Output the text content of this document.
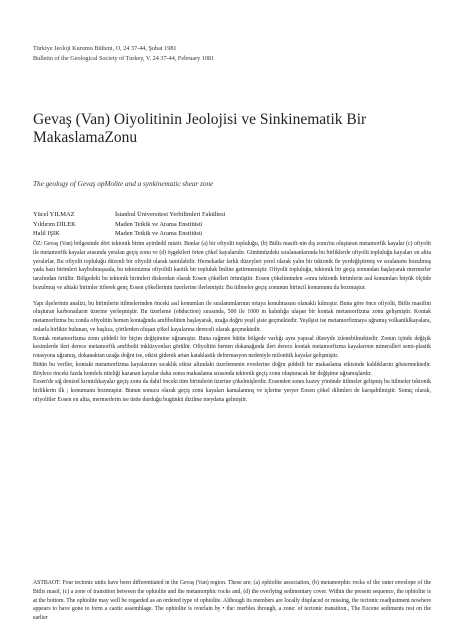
Türkiye Jeoloji Kurumu Bülteni, O, 24 37-44, Şubat 1981
Bulletin of the Geological Society of Turkey, V. 24 37-44, February 1081
Gevaş (Van) Oiyolitinin Jeolojisi ve Sinkinematik Bir MakaslamaZonu
The geology of Gevaş opMolite and a synkinematic shear zone
Yücel YILMAZ	İstanbul Üniversitesi Yerbilimleri Fakültesi
Yıldırım DİLEK	Maden Tetkik ve Arama Enstitüsü
Halil IŞIK	Maden Tetkik ve Arama Enstitüsü

ÖZ: Gevaş (Van) bölgesinde dört tektonik birim ayirdedil mistir. Bunlar (a) bir ofiyolit topluluğu, (b) Bitlis masifi-nin dış zonu'nu oluşturan metamorfik kayalar (c) ofiyolit ile metamorfik kayalar arasında yeralan geçiş zonu ve (d) öşgekileri örten çökel kayalarıdır. Günümüzdeki sıralananlarında bu birliklerde ofiyolit topluluğu kayaları en altta yeralırlar. Bu ofiyolit topluluğu düzenli bir ofiyolit olarak tanıtılabilir. Hernekadar farklı düzeyleri yerel olarak yalın bir tektonik ile yerdeğiştirmiş ve sıralanımı bozulmuş yada bazı birimleri kaybolmuşsada, bu tektonizma ofiyolitli kaotik bir topluluk İmline getirmemiştir. Ofiyolit topluluğu, tektonik bir geçiş zonundan başlayarak mermerler tarafından örtülür. Bölgedeki bu tektonik birimleri diskordan olarak Eosen çökelleri örtmüştür. Eosen çökeliminden »onra tektonik birimlerin asıl konumları büyük ölçüde bozulmuş ve alttaki birimler itilerek genç Eosen çökellerinin üzerlerine ilerlemiştir. Bu itilmeler geçiş zonunun birincil konumunu da bozmuştur.

Yapı ilşelerinin analizi, bu birimlerin itilmelerinden önceki asıl konumları ile sıralanımlarının ortaya konulmasını olanaklı kılmıştır. Buna göre önce ofiyolit, Bitlis masifini oluşturan karbonatların üzerine yerleşmiştir. Bu üzerleme (obduction) sırasında, 500 ile 1000 m kalınlığa ulaşan bir kontak metamorfizma zonu gelişmiştir. Kontak metamorfizma bu zonda ofiyolitin hemen kontağında amfibolitten başlayarak, uzağa doğru yeşil şiste geçmektedir. Yeşilşist ise metamorfizmaya uğramış volkaniklkayalara, onlarla birlikte bulunan, ve başlıca, çörtlerden oluşan çökel kayalarına dereceli olarak geçmektedir.

Kontak metamorfizma zonu şiddetli bir biçim değişimine uğramıştır. Buna rağmen bütün bölgede varlığı aynı yapısal düzeyde izlenebilmektedir. Zonun içinde değişik kesimlerde ileri derece metamorfik amfibolit inklüzyonları görülür. Ofiyolitin hemen dokanağında ileri derece kontak metamorfizma kayalarının mineralleri semi-plastik rotasyona uğramış, dokanaktan uzağa doğru ise, etkisi giderek artan kataklastik deformasyon nedeniyle milonitik kayalar gelişmiştir.

Bütün bu veriler, kontakt metamorfizma kayalarının sıcaklık etkisi altındaki üzerlemenin evrelerine doğru şiddetli bir makaslama etkisinde kaldıklarını göstermektedir. Böylece önceki fazda homfels niteliği kazanan kayalar daha sonra makaslama sırasında tektonik geçiş zonu oluşturacak bir değişime uğramışlardır.

Eosen'de sığ denizel kırıntılıkayalar geçiş zonu da dahil önceki tüm birimlerin üzerine çökelmişlerdir. Eosenden sonra kuzey yönünde itilmeler gelişmiş bu itilmeler tektonik birliklerin ilk ; konumunu bozmuştur. Bunun sonucu olarak geçiş zonu kayaları kamalanmış ve içlerine yeryer Eosen çökel dilimleri de karışabilmiştir. Sonuç olarak, ofiyolitler Eosen en altta, mermerlerin ise üstte durduğu bugünkü dizilme meydana gelmiştir.

ASTBAOT: Four tectonic units have been differentiated in the Gevaş (Van) region. These are; (a) ophiolite association, (b) metamorphic rocks of the outer envelope of the Bitlis masif, (c) a zone of transition between the ophiolite and the metamorphic rocks and, (d) the overlying sedimentary cover. Within the present sequence, the ophiolite is at the bottom. The ophiolite may well be regarded as an ordered type of ophiolite. Although its members are locally displaced or missing, the tectonic readjustment nowhere appears to have gone to form a caotic assemblage. The ophiolite is overlain by • the: merbles through, a zone: of tectonic transition., The Eocene sediments rest on the earlier
